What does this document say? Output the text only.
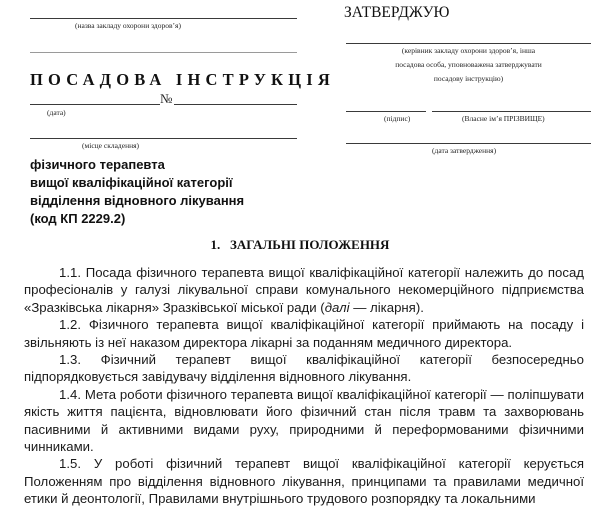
(назва закладу охорони здоров’я)
ПОСАДОВА ІНСТРУКЦІЯ
№
(дата)
(місце складення)
ЗАТВЕРДЖУЮ
(керівник закладу охорони здоров’я, інша
посадова особа, уповноважена затверджувати
посадову інструкцію)
(підпис)	(Власне ім’я ПРІЗВИЩЕ)
(дата затвердження)
фізичного терапевта
вищої кваліфікаційної категорії
відділення відновного лікування
(код КП 2229.2)
1.   ЗАГАЛЬНІ ПОЛОЖЕННЯ

1.1. Посада фізичного терапевта вищої кваліфікаційної категорії належить до посад професіоналів у галузі лікувальної справи комунального некомерційного підприємства «Зразківська лікарня» Зразківської міської ради (далі — лікарня).

1.2. Фізичного терапевта вищої кваліфікаційної категорії приймають на посаду і звільняють із неї наказом директора лікарні за поданням медичного директора.

1.3. Фізичний терапевт вищої кваліфікаційної категорії безпосередньо підпорядковується завідувачу відділення відновного лікування.

1.4. Мета роботи фізичного терапевта вищої кваліфікаційної категорії — поліпшувати якість життя пацієнта, відновлювати його фізичний стан після травм та захворювань пасивними й активними видами руху, природними й переформованими фізичними чинниками.

1.5. У роботі фізичний терапевт вищої кваліфікаційної категорії керується Положенням про відділення відновного лікування, принципами та правилами медичної етики й деонтології, Правилами внутрішнього трудового розпорядку та локальними
